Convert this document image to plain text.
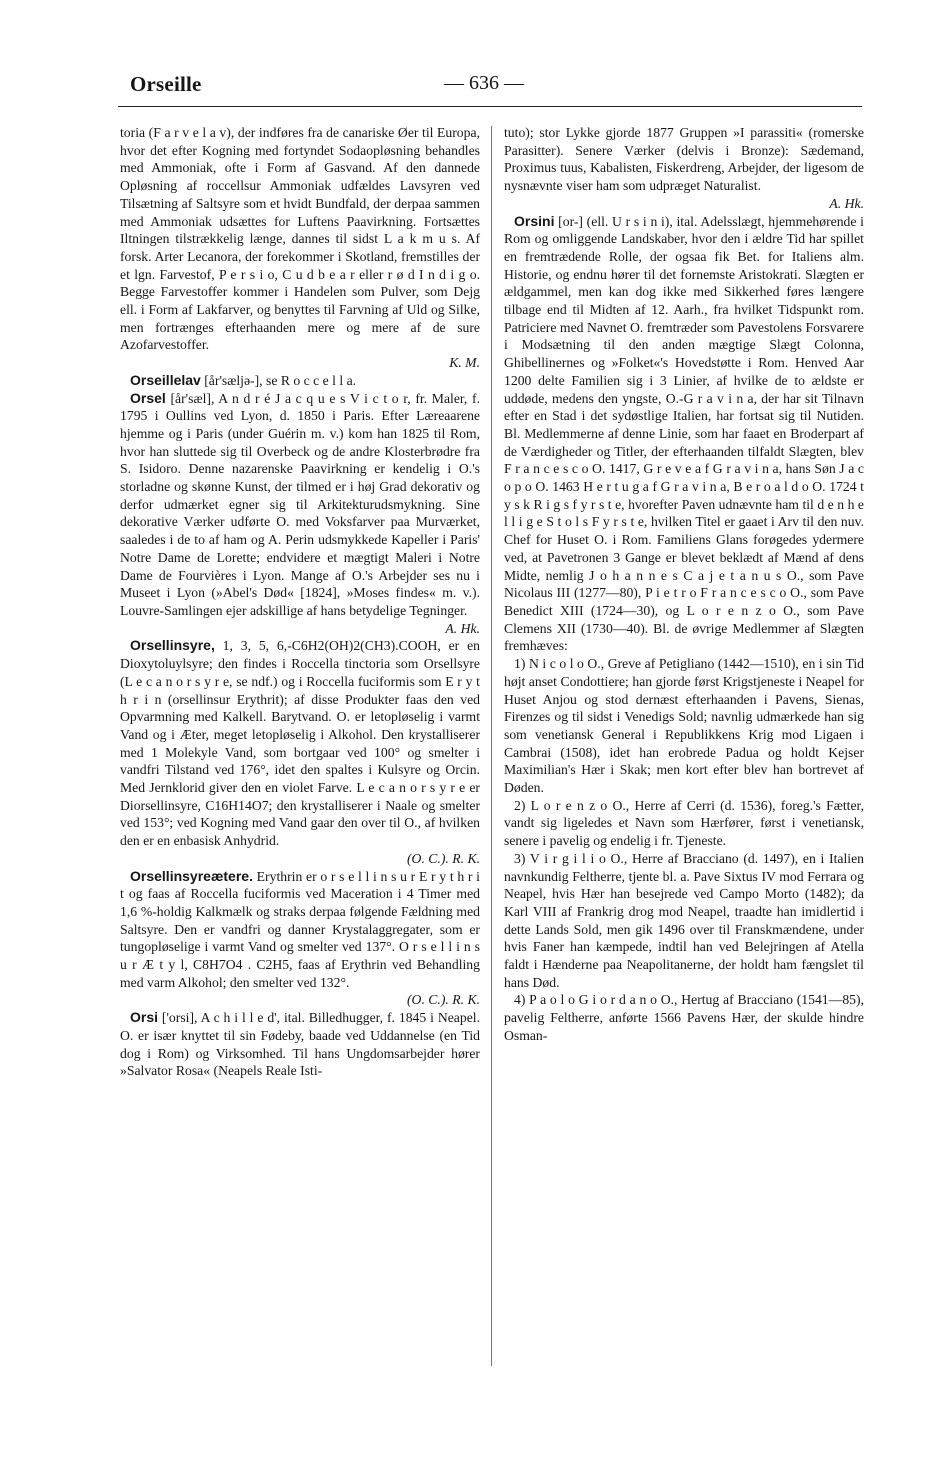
Orseille	— 636 —

toria (F a r v e l a v), der indføres fra de canariske Øer til Europa, hvor det efter Kogning med fortyndet Sodaopløsning behandles med Ammoniak, ofte i Form af Gasvand. Af den dannede Opløsning af roccellsur Ammoniak udfældes Lavsyren ved Tilsætning af Saltsyre som et hvidt Bundfald, der derpaa sammen med Ammoniak udsættes for Luftens Paavirkning. Fortsættes Iltningen tilstrækkelig længe, dannes til sidst L a k m u s. Af forsk. Arter Lecanora, der forekommer i Skotland, fremstilles der et lgn. Farvestof, P e r s i o, C u d b e a r eller r ø d I n d i g o. Begge Farvestoffer kommer i Handelen som Pulver, som Dejg ell. i Form af Lakfarver, og benyttes til Farvning af Uld og Silke, men fortrænges efterhaanden mere og mere af de sure Azofarvestoffer.

K. M.

Orseillelav [år'sæljə-], se R o c c e l l a.

Orsel [år'sæl], A n d r é J a c q u e s V i c t o r, fr. Maler, f. 1795 i Oullins ved Lyon, d. 1850 i Paris. Efter Læreaarene hjemme og i Paris (under Guérin m. v.) kom han 1825 til Rom, hvor han sluttede sig til Overbeck og de andre Klosterbrødre fra S. Isidoro. Denne nazarenske Paavirkning er kendelig i O.'s storladne og skønne Kunst, der tilmed er i høj Grad dekorativ og derfor udmærket egner sig til Arkitekturudsmykning. Sine dekorative Værker udførte O. med Voksfarver paa Murværket, saaledes i de to af ham og A. Perin udsmykkede Kapeller i Paris' Notre Dame de Lorette; endvidere et mægtigt Maleri i Notre Dame de Fourvières i Lyon. Mange af O.'s Arbejder ses nu i Museet i Lyon (»Abel's Død« [1824], »Moses findes« m. v.). Louvre-Samlingen ejer adskillige af hans betydelige Tegninger.

A. Hk.

Orsellinsyre, 1, 3, 5, 6,-C6H2(OH)2(CH3).COOH, er en Dioxytoluylsyre; den findes i Roccella tinctoria som Orsellsyre (L e c a n o r s y r e, se ndf.) og i Roccella fuciformis som E r y t h r i n (orsellinsur Erythrit); af disse Produkter faas den ved Opvarmning med Kalkell. Barytvand. O. er letopløselig i varmt Vand og i Æter, meget letopløselig i Alkohol. Den krystalliserer med 1 Molekyle Vand, som bortgaar ved 100° og smelter i vandfri Tilstand ved 176°, idet den spaltes i Kulsyre og Orcin. Med Jernklorid giver den en violet Farve. L e c a n o r s y r e er Diorsellinsyre, C16H14O7; den krystalliserer i Naale og smelter ved 153°; ved Kogning med Vand gaar den over til O., af hvilken den er en enbasisk Anhydrid.

(O. C.). R. K.

Orsellinsyreætere. Erythrin er o r s e l l i n s u r E r y t h r i t og faas af Roccella fuciformis ved Maceration i 4 Timer med 1,6 %-holdig Kalkmælk og straks derpaa følgende Fældning med Saltsyre. Den er vandfri og danner Krystalaggregater, som er tungopløselige i varmt Vand og smelter ved 137°. O r s e l l i n s u r Æ t y l, C8H7O4 . C2H5, faas af Erythrin ved Behandling med varm Alkohol; den smelter ved 132°.

(O. C.). R. K.

Orsi ['orsi], A c h i l l e d', ital. Billedhugger, f. 1845 i Neapel. O. er især knyttet til sin Fødeby, baade ved Uddannelse (en Tid dog i Rom) og Virksomhed. Til hans Ungdomsarbejder hører »Salvator Rosa« (Neapels Reale Isti-

tuto); stor Lykke gjorde 1877 Gruppen »I parassiti« (romerske Parasitter). Senere Værker (delvis i Bronze): Sædemand, Proximus tuus, Kabalisten, Fiskerdreng, Arbejder, der ligesom de nysnævnte viser ham som udpræget Naturalist.

A. Hk.

Orsini [or-] (ell. U r s i n i), ital. Adelsslægt, hjemmehørende i Rom og omliggende Landskaber, hvor den i ældre Tid har spillet en fremtrædende Rolle, der ogsaa fik Bet. for Italiens alm. Historie, og endnu hører til det fornemste Aristokrati. Slægten er ældgammel, men kan dog ikke med Sikkerhed føres længere tilbage end til Midten af 12. Aarh., fra hvilket Tidspunkt rom. Patriciere med Navnet O. fremtræder som Pavestolens Forsvarere i Modsætning til den anden mægtige Slægt Colonna, Ghibellinernes og »Folket«'s Hovedstøtte i Rom. Henved Aar 1200 delte Familien sig i 3 Linier, af hvilke de to ældste er uddøde, medens den yngste, O.-G r a v i n a, der har sit Tilnavn efter en Stad i det sydøstlige Italien, har fortsat sig til Nutiden. Bl. Medlemmerne af denne Linie, som har faaet en Broderpart af de Værdigheder og Titler, der efterhaanden tilfaldt Slægten, blev F r a n c e s c o O. 1417, G r e v e a f G r a v i n a, hans Søn J a c o p o O. 1463 H e r t u g a f G r a v i n a, B e r o a l d o O. 1724 t y s k R i g s f y r s t e, hvorefter Paven udnævnte ham til d e n h e l l i g e S t o l s F y r s t e, hvilken Titel er gaaet i Arv til den nuv. Chef for Huset O. i Rom. Familiens Glans forøgedes ydermere ved, at Pavetronen 3 Gange er blevet beklædt af Mænd af dens Midte, nemlig J o h a n n e s C a j e t a n u s O., som Pave Nicolaus III (1277—80), P i e t r o F r a n c e s c o O., som Pave Benedict XIII (1724—30), og L o r e n z o O., som Pave Clemens XII (1730—40). Bl. de øvrige Medlemmer af Slægten fremhæves:

1) N i c o l o O., Greve af Petigliano (1442—1510), en i sin Tid højt anset Condottiere; han gjorde først Krigstjeneste i Neapel for Huset Anjou og stod dernæst efterhaanden i Pavens, Sienas, Firenzes og til sidst i Venedigs Sold; navnlig udmærkede han sig som venetiansk General i Republikkens Krig mod Ligaen i Cambrai (1508), idet han erobrede Padua og holdt Kejser Maximilian's Hær i Skak; men kort efter blev han bortrevet af Døden.

2) L o r e n z o O., Herre af Cerri (d. 1536), foreg.'s Fætter, vandt sig ligeledes et Navn som Hærfører, først i venetiansk, senere i pavelig og endelig i fr. Tjeneste.

3) V i r g i l i o O., Herre af Bracciano (d. 1497), en i Italien navnkundig Feltherre, tjente bl. a. Pave Sixtus IV mod Ferrara og Neapel, hvis Hær han besejrede ved Campo Morto (1482); da Karl VIII af Frankrig drog mod Neapel, traadte han imidlertid i dette Lands Sold, men gik 1496 over til Franskmændene, under hvis Faner han kæmpede, indtil han ved Belejringen af Atella faldt i Hænderne paa Neapolitanerne, der holdt ham fængslet til hans Død.

4) P a o l o G i o r d a n o O., Hertug af Bracciano (1541—85), pavelig Feltherre, anførte 1566 Pavens Hær, der skulde hindre Osman-
